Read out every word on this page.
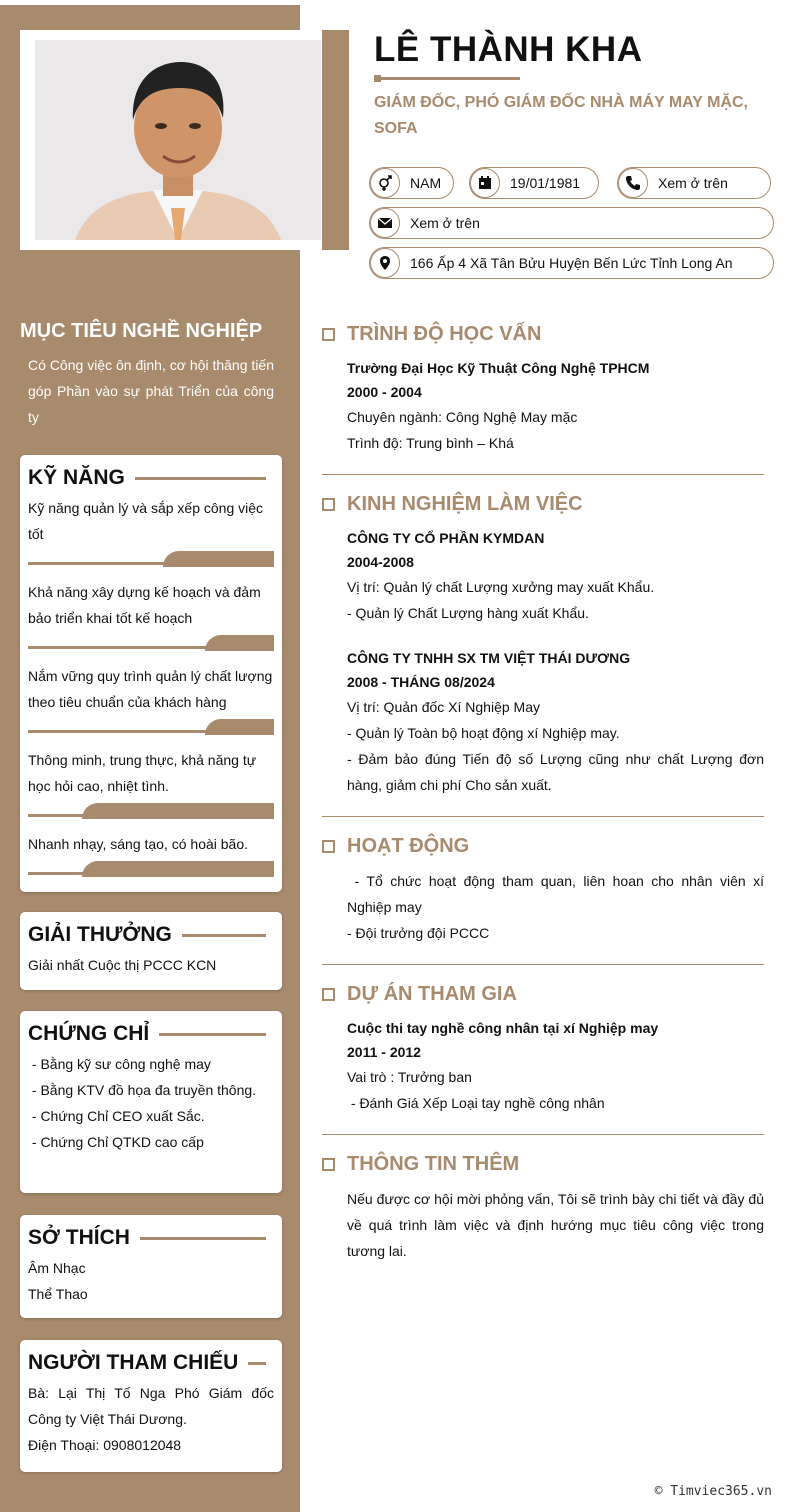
LÊ THÀNH KHA
GIÁM ĐỐC, PHÓ GIÁM ĐỐC NHÀ MÁY MAY MẶC, SOFA
NAM	19/01/1981	Xem ở trên
Xem ở trên
166 Ấp 4 Xã Tân Bửu Huyện Bến Lức Tỉnh Long An
MỤC TIÊU NGHỀ NGHIỆP
Có Công việc ôn định, cơ hội thăng tiến góp Phần vào sự phát Triển của công ty
KỸ NĂNG
Kỹ năng quản lý và sắp xếp công việc tốt
Khả năng xây dựng kế hoạch và đảm bảo triển khai tốt kế hoạch
Nắm vững quy trình quản lý chất lượng theo tiêu chuẩn của khách hàng
Thông minh, trung thực, khả năng tự học hỏi cao, nhiệt tình.
Nhanh nhạy, sáng tạo, có hoài bão.
GIẢI THƯỞNG
Giải nhất Cuộc thị PCCC KCN
CHỨNG CHỈ
- Bằng kỹ sư công nghệ may
- Bằng KTV đồ họa đa truyền thông.
- Chứng Chỉ CEO xuất Sắc.
- Chứng Chỉ QTKD cao cấp
SỞ THÍCH
Âm Nhạc
Thể Thao
NGƯỜI THAM CHIẾU
Bà: Lại Thị Tố Nga Phó Giám đốc Công ty Việt Thái Dương.
Điện Thoại: 0908012048
TRÌNH ĐỘ HỌC VẤN
Trường Đại Học Kỹ Thuật Công Nghệ TPHCM
2000 - 2004
Chuyên ngành: Công Nghệ May mặc
Trình độ: Trung bình – Khá
KINH NGHIỆM LÀM VIỆC
CÔNG TY CỔ PHẦN KYMDAN
2004-2008
Vị trí: Quản lý chất Lượng xưởng may xuất Khẩu.
- Quản lý Chất Lượng hàng xuất Khẩu.
CÔNG TY TNHH SX TM VIỆT THÁI DƯƠNG
2008 - THÁNG 08/2024
Vị trí: Quản đốc Xí Nghiệp May
- Quản lý Toàn bộ hoạt động xí Nghiệp may.
- Đảm bảo đúng Tiến độ số Lượng cũng như chất Lượng đơn hàng, giảm chi phí Cho sản xuất.
HOẠT ĐỘNG
- Tổ chức hoạt động tham quan, liên hoan cho nhân viên xí Nghiệp may
- Đội trưởng đội PCCC
DỰ ÁN THAM GIA
Cuộc thi tay nghề công nhân tại xí Nghiệp may
2011 - 2012
Vai trò : Trưởng ban
- Đánh Giá Xếp Loại tay nghề công nhân
THÔNG TIN THÊM
Nếu được cơ hội mời phỏng vấn, Tôi sẽ trình bày chi tiết và đầy đủ về quá trình làm việc và định hướng mục tiêu công việc trong tương lai.
© Timviec365.vn
